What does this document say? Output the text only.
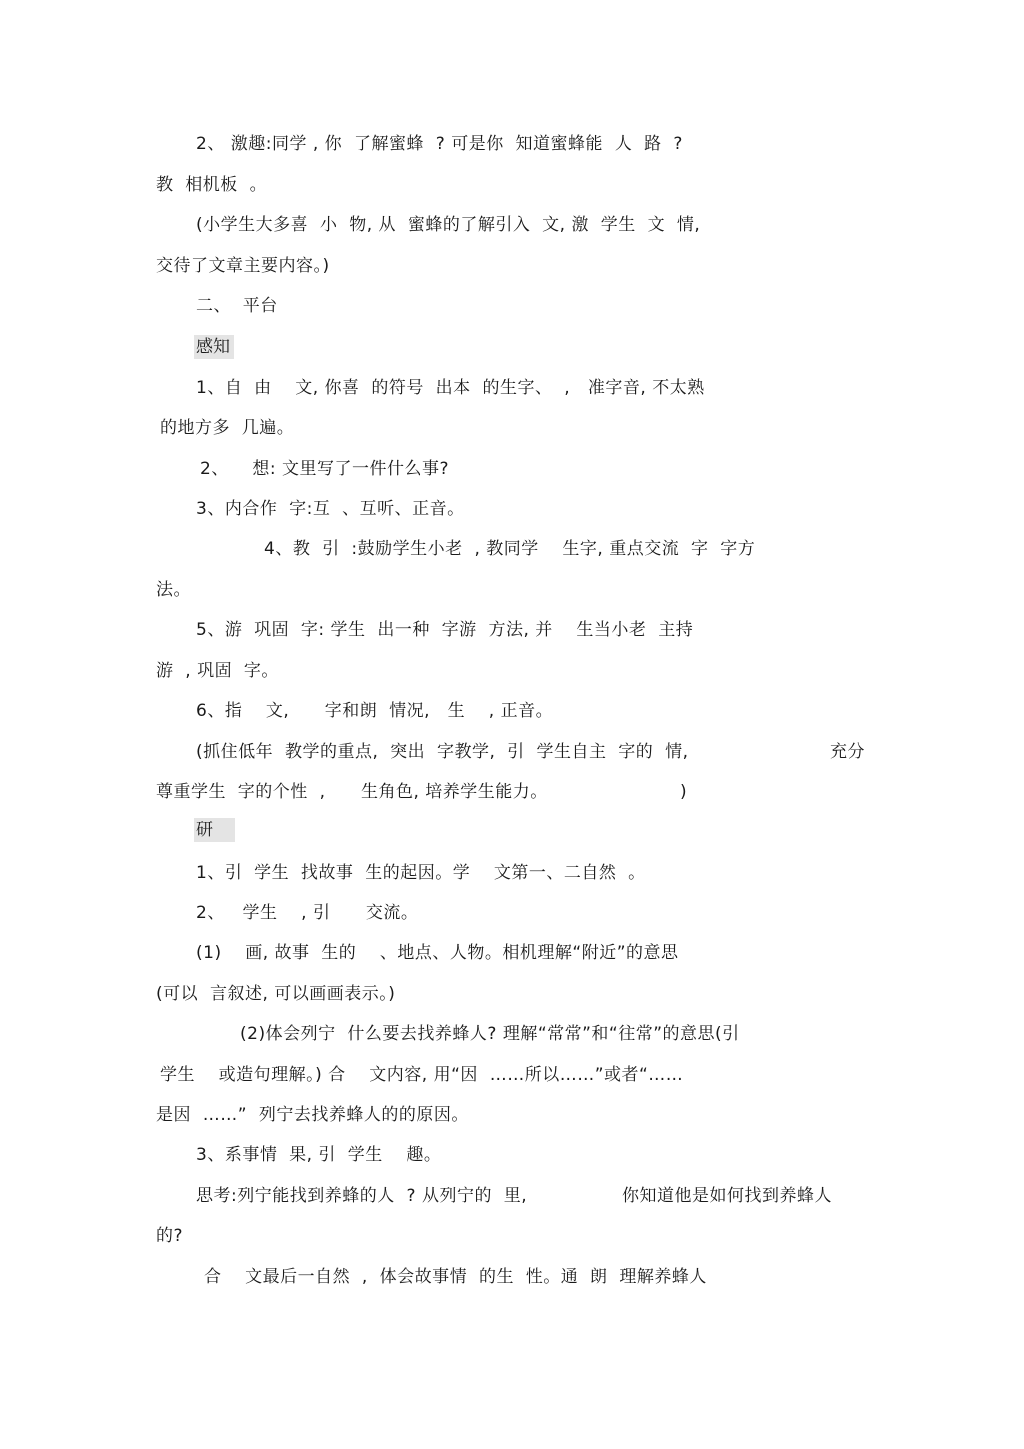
2、 激趣:同学 , 你  了解蜜蜂  ? 可是你  知道蜜蜂能  人  路  ?
教  相机板  。
(小学生大多喜  小  物, 从  蜜蜂的了解引入  文, 激  学生  文  情,
交待了文章主要内容。)
二、  平台
感知
1、自  由    文, 你喜  的符号  出本  的生字、  ,   准字音, 不太熟
的地方多  几遍。
2、    想: 文里写了一件什么事?
3、内合作  字:互  、互听、正音。
4、教  引  :鼓励学生小老  , 教同学    生字, 重点交流  字  字方
法。
5、游  巩固  字: 学生  出一种  字游  方法, 并    生当小老  主持
游  , 巩固  字。
6、指    文,      字和朗  情况,   生    , 正音。
(抓住低年  教学的重点,  突出  字教学,  引  学生自主  字的  情,	充分
尊重学生  字的个性  ,      生角色, 培养学生能力。	)
研
1、引  学生  找故事  生的起因。学    文第一、二自然  。
2、   学生    , 引      交流。
(1)    画, 故事  生的    、地点、人物。相机理解“附近”的意思
(可以  言叙述, 可以画画表示。)
(2)体会列宁  什么要去找养蜂人? 理解“常常”和“往常”的意思(引
学生    或造句理解。) 合    文内容, 用“因  ……所以……”或者“……
是因  ……”  列宁去找养蜂人的的原因。
3、系事情  果, 引  学生    趣。
思考:列宁能找到养蜂的人  ? 从列宁的  里,	你知道他是如何找到养蜂人
的?
合    文最后一自然  ,  体会故事情  的生  性。通  朗  理解养蜂人
